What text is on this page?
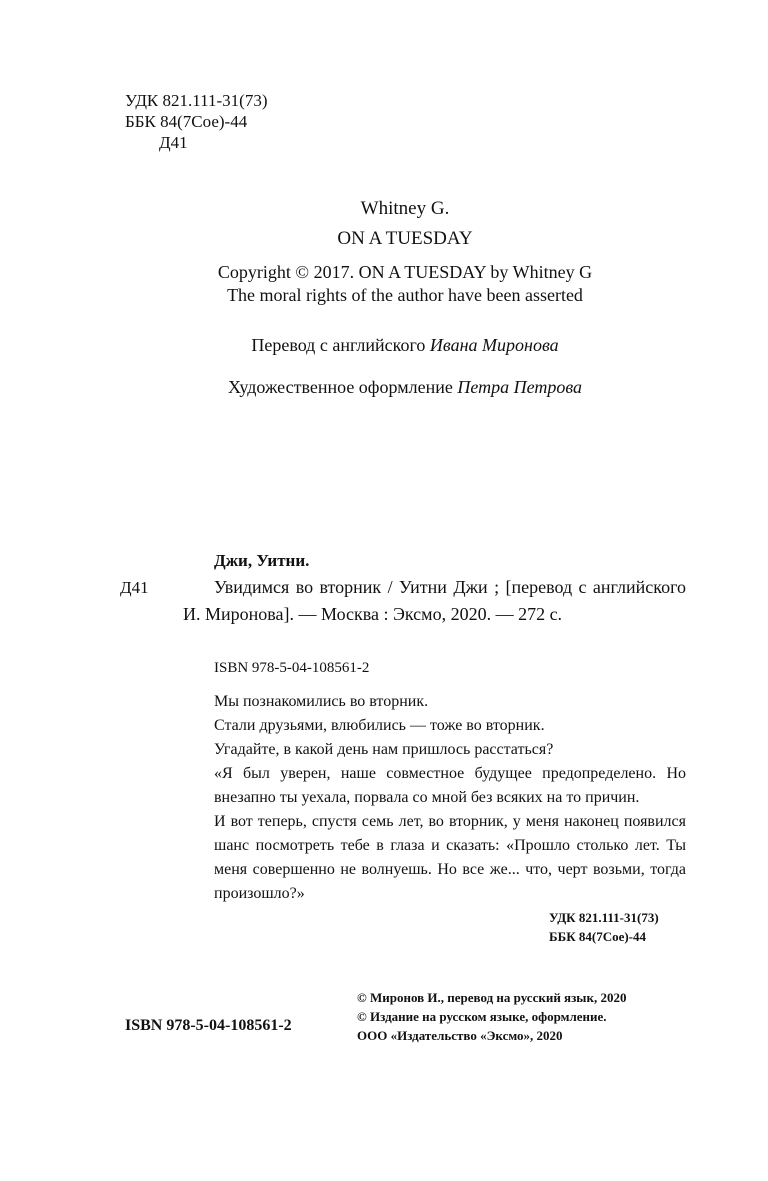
УДК 821.111-31(73)
ББК 84(7Сое)-44
Д41
Whitney G.
ON A TUESDAY
Copyright © 2017. ON A TUESDAY by Whitney G
The moral rights of the author have been asserted
Перевод с английского Ивана Миронова
Художественное оформление Петра Петрова
Джи, Уитни.
Д41	Увидимся во вторник / Уитни Джи ; [перевод с английского И. Миронова]. — Москва : Эксмо, 2020. — 272 с.
ISBN 978-5-04-108561-2

Мы познакомились во вторник.

Стали друзьями, влюбились — тоже во вторник.

Угадайте, в какой день нам пришлось расстаться?

«Я был уверен, наше совместное будущее предопределено. Но внезапно ты уехала, порвала со мной без всяких на то причин.

И вот теперь, спустя семь лет, во вторник, у меня наконец появился шанс посмотреть тебе в глаза и сказать: «Прошло столько лет. Ты меня совершенно не волнуешь. Но все же... что, черт возьми, тогда произошло?»

УДК 821.111-31(73)
ББК 84(7Сое)-44
ISBN 978-5-04-108561-2
© Миронов И., перевод на русский язык, 2020
© Издание на русском языке, оформление.
ООО «Издательство «Эксмо», 2020
